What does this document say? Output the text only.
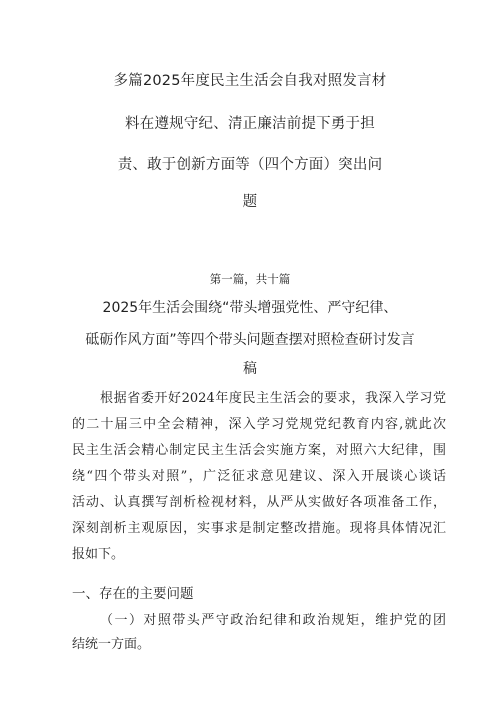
多篇2025年度民主生活会自我对照发言材
料在遵规守纪、清正廉洁前提下勇于担
责、敢于创新方面等（四个方面）突出问
题
第一篇，共十篇
2025年生活会围绕“带头增强党性、严守纪律、
砥砺作风方面”等四个带头问题查摆对照检查研讨发言
稿
根据省委开好2024年度民主生活会的要求，我深入学习党
的二十届三中全会精神，深入学习党规党纪教育内容,就此次
民主生活会精心制定民主生活会实施方案，对照六大纪律，围
绕“四个带头对照”，广泛征求意见建议、深入开展谈心谈话
活动、认真撰写剖析检视材料，从严从实做好各项准备工作，
深刻剖析主观原因，实事求是制定整改措施。现将具体情况汇
报如下。
一、存在的主要问题
（一）对照带头严守政治纪律和政治规矩，维护党的团
结统一方面。
